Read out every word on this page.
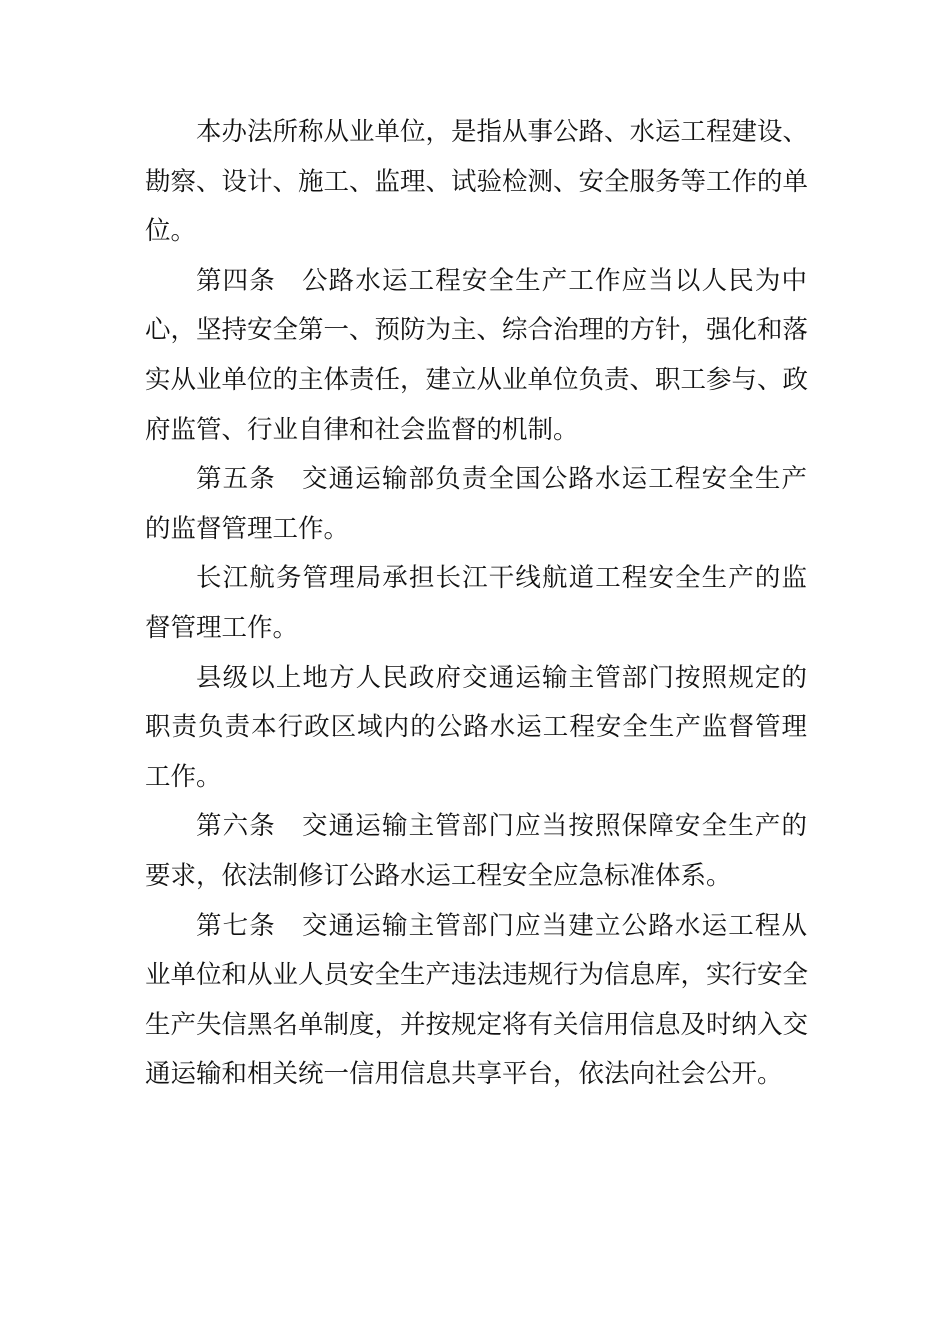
本办法所称从业单位，是指从事公路、水运工程建设、
勘察、设计、施工、监理、试验检测、安全服务等工作的单
位。
第四条 公路水运工程安全生产工作应当以人民为中
心，坚持安全第一、预防为主、综合治理的方针，强化和落
实从业单位的主体责任，建立从业单位负责、职工参与、政
府监管、行业自律和社会监督的机制。
第五条 交通运输部负责全国公路水运工程安全生产
的监督管理工作。
长江航务管理局承担长江干线航道工程安全生产的监
督管理工作。
县级以上地方人民政府交通运输主管部门按照规定的
职责负责本行政区域内的公路水运工程安全生产监督管理
工作。
第六条 交通运输主管部门应当按照保障安全生产的
要求，依法制修订公路水运工程安全应急标准体系。
第七条 交通运输主管部门应当建立公路水运工程从
业单位和从业人员安全生产违法违规行为信息库，实行安全
生产失信黑名单制度，并按规定将有关信用信息及时纳入交
通运输和相关统一信用信息共享平台，依法向社会公开。
